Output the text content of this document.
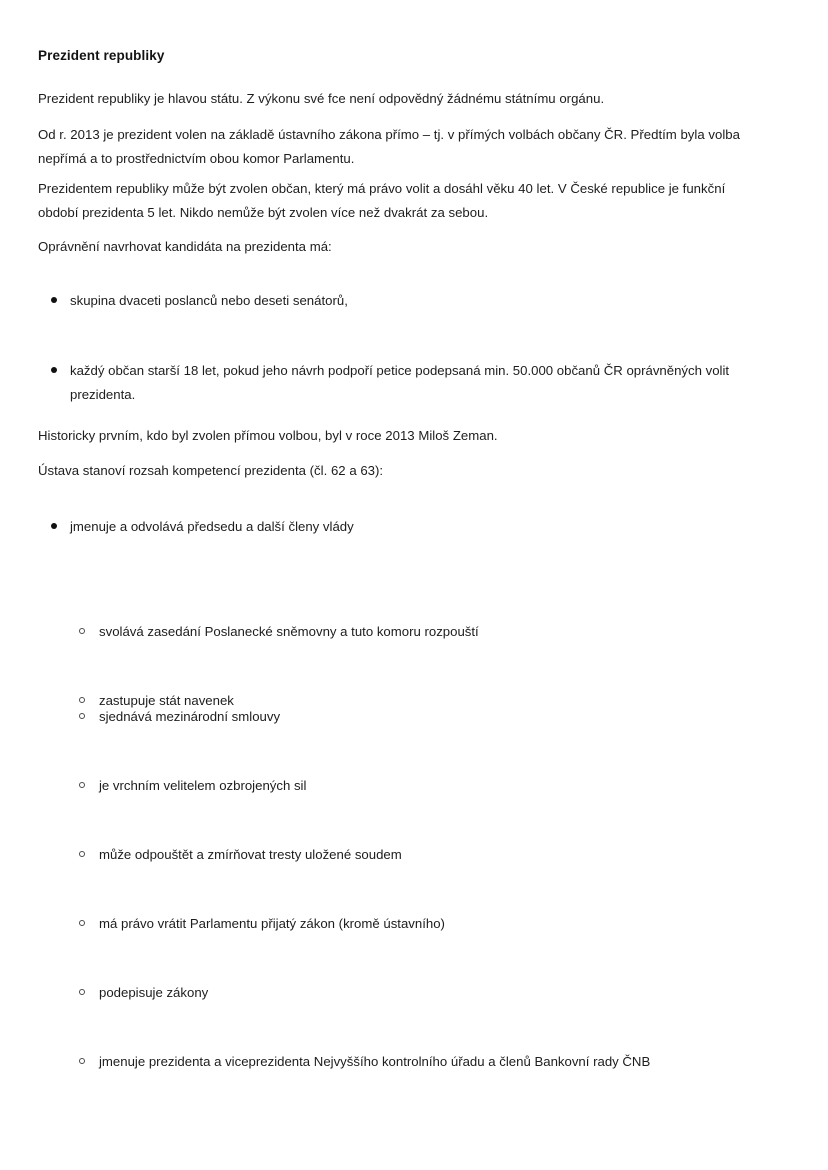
Prezident republiky

Prezident republiky je hlavou státu. Z výkonu své fce není odpovědný žádnému státnímu orgánu.

Od r. 2013 je prezident volen na základě ústavního zákona přímo – tj. v přímých volbách občany ČR. Předtím byla volba nepřímá a to prostřednictvím obou komor Parlamentu.

Prezidentem republiky může být zvolen občan, který má právo volit a dosáhl věku 40 let. V České republice je funkční období prezidenta 5 let. Nikdo nemůže být zvolen více než dvakrát za sebou.

Oprávnění navrhovat kandidáta na prezidenta má:

skupina dvaceti poslanců nebo deseti senátorů,
každý občan starší 18 let, pokud jeho návrh podpoří petice podepsaná min. 50.000 občanů ČR oprávněných volit prezidenta.

Historicky prvním, kdo byl zvolen přímou volbou, byl v roce 2013 Miloš Zeman.

Ústava stanoví rozsah kompetencí prezidenta (čl. 62 a 63):

jmenuje a odvolává předsedu a další členy vlády
svolává zasedání Poslanecké sněmovny a tuto komoru rozpouští
zastupuje stát navenek
sjednává mezinárodní smlouvy
je vrchním velitelem ozbrojených sil
může odpouštět a zmírňovat tresty uložené soudem
má právo vrátit Parlamentu přijatý zákon (kromě ústavního)
podepisuje zákony
jmenuje prezidenta a viceprezidenta Nejvyššího kontrolního úřadu a členů Bankovní rady ČNB
